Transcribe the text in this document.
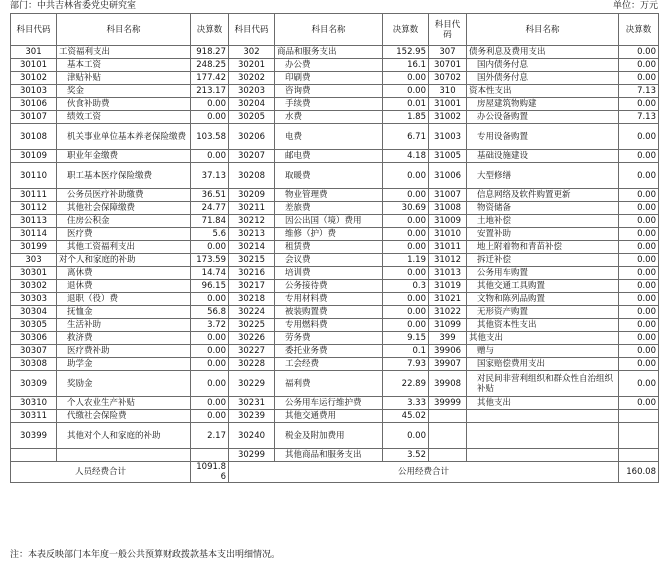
部门：中共吉林省委党史研究室	单位：万元
科目代码	科目名称	决算数	科目代码	科目名称	决算数	科目代码	科目名称	决算数
301	工资福利支出	918.27	302	商品和服务支出	152.95	307	债务利息及费用支出	0.00
30101	基本工资	248.25	30201	办公费	16.1	30701	国内债务付息	0.00
30102	津贴补贴	177.42	30202	印刷费	0.00	30702	国外债务付息	0.00
30103	奖金	213.17	30203	咨询费	0.00	310	资本性支出	7.13
30106	伙食补助费	0.00	30204	手续费	0.01	31001	房屋建筑物购建	0.00
30107	绩效工资	0.00	30205	水费	1.85	31002	办公设备购置	7.13
30108	机关事业单位基本养老保险缴费	103.58	30206	电费	6.71	31003	专用设备购置	0.00
30109	职业年金缴费	0.00	30207	邮电费	4.18	31005	基础设施建设	0.00
30110	职工基本医疗保险缴费	37.13	30208	取暖费	0.00	31006	大型修缮	0.00
30111	公务员医疗补助缴费	36.51	30209	物业管理费	0.00	31007	信息网络及软件购置更新	0.00
30112	其他社会保障缴费	24.77	30211	差旅费	30.69	31008	物资储备	0.00
30113	住房公积金	71.84	30212	因公出国（境）费用	0.00	31009	土地补偿	0.00
30114	医疗费	5.6	30213	维修（护）费	0.00	31010	安置补助	0.00
30199	其他工资福利支出	0.00	30214	租赁费	0.00	31011	地上附着物和青苗补偿	0.00
303	对个人和家庭的补助	173.59	30215	会议费	1.19	31012	拆迁补偿	0.00
30301	离休费	14.74	30216	培训费	0.00	31013	公务用车购置	0.00
30302	退休费	96.15	30217	公务接待费	0.3	31019	其他交通工具购置	0.00
30303	退职（役）费	0.00	30218	专用材料费	0.00	31021	文物和陈列品购置	0.00
30304	抚恤金	56.8	30224	被装购置费	0.00	31022	无形资产购置	0.00
30305	生活补助	3.72	30225	专用燃料费	0.00	31099	其他资本性支出	0.00
30306	救济费	0.00	30226	劳务费	9.15	399	其他支出	0.00
30307	医疗费补助	0.00	30227	委托业务费	0.1	39906	赠与	0.00
30308	助学金	0.00	30228	工会经费	7.93	39907	国家赔偿费用支出	0.00
30309	奖励金	0.00	30229	福利费	22.89	39908	对民间非营利组织和群众性自治组织补贴	0.00
30310	个人农业生产补贴	0.00	30231	公务用车运行维护费	3.33	39999	其他支出	0.00
30311	代缴社会保险费	0.00	30239	其他交通费用	45.02			
30399	其他对个人和家庭的补助	2.17	30240	税金及附加费用	0.00			
			30299	其他商品和服务支出	3.52			
人员经费合计		1091.86	公用经费合计					160.08
注：本表反映部门本年度一般公共预算财政拨款基本支出明细情况。
